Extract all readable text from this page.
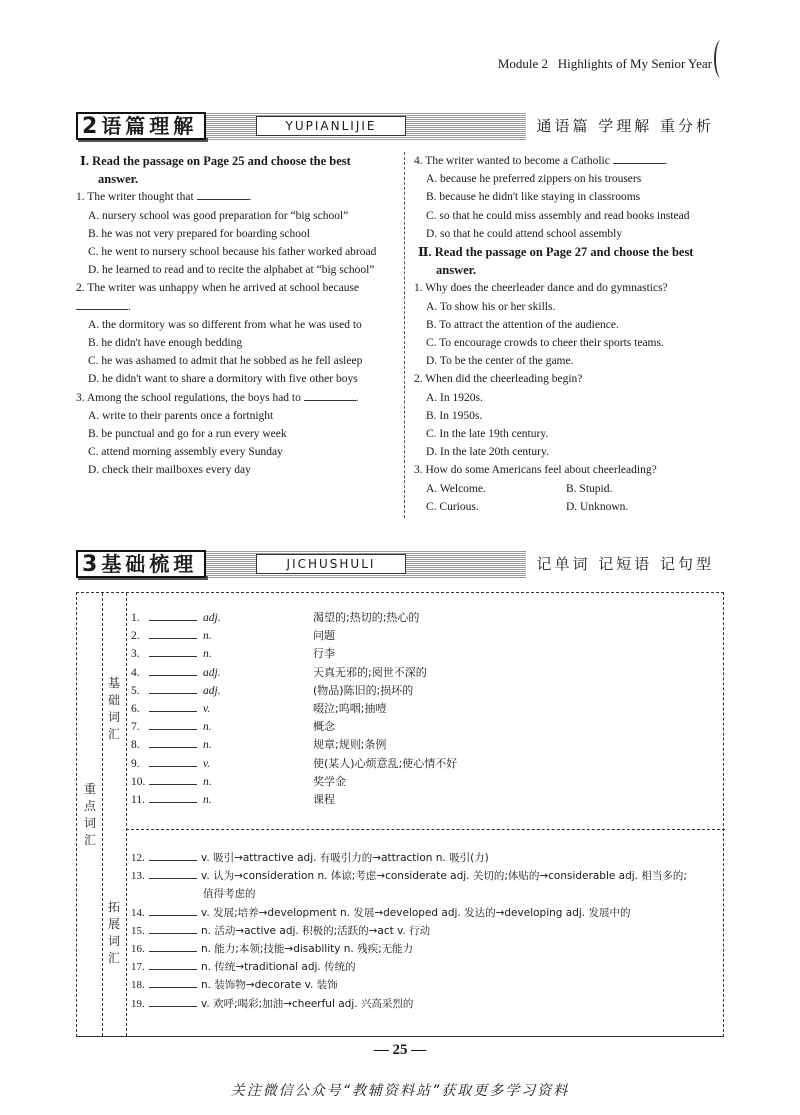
Module 2 Highlights of My Senior Year
2语篇理解	YUPIANLIJIE	通语篇 学理解 重分析
Ⅰ. Read the passage on Page 25 and choose the best
answer.
1. The writer thought that	.
A. nursery school was good preparation for “big school”
B. he was not very prepared for boarding school
C. he went to nursery school because his father worked abroad
D. he learned to read and to recite the alphabet at “big school”
2. The writer was unhappy when he arrived at school because
.
A. the dormitory was so different from what he was used to
B. he didn't have enough bedding
C. he was ashamed to admit that he sobbed as he fell asleep
D. he didn't want to share a dormitory with five other boys
3. Among the school regulations, the boys had to	.
A. write to their parents once a fortnight
B. be punctual and go for a run every week
C. attend morning assembly every Sunday
D. check their mailboxes every day
4. The writer wanted to become a Catholic	.
A. because he preferred zippers on his trousers
B. because he didn't like staying in classrooms
C. so that he could miss assembly and read books instead
D. so that he could attend school assembly
Ⅱ. Read the passage on Page 27 and choose the best
answer.
1. Why does the cheerleader dance and do gymnastics?
A. To show his or her skills.
B. To attract the attention of the audience.
C. To encourage crowds to cheer their sports teams.
D. To be the center of the game.
2. When did the cheerleading begin?
A. In 1920s.
B. In 1950s.
C. In the late 19th century.
D. In the late 20th century.
3. How do some Americans feel about cheerleading?
A. Welcome.	B. Stupid.
C. Curious.	D. Unknown.
3基础梳理	JICHUSHULI	记单词 记短语 记句型
重点词汇
基础词汇
拓展词汇
1.	adj.	渴望的;热切的;热心的
2.	n.	问题
3.	n.	行李
4.	adj.	天真无邪的;阅世不深的
5.	adj.	(物品)陈旧的;损坏的
6.	v.	啜泣;呜咽;抽噎
7.	n.	概念
8.	n.	规章;规则;条例
9.	v.	使(某人)心烦意乱;使心情不好
10.	n.	奖学金
11.	n.	课程
12.	v. 吸引→attractive adj. 有吸引力的→attraction n. 吸引(力)
13.	v. 认为→consideration n. 体谅;考虑→considerate adj. 关切的;体贴的→considerable adj. 相当多的;
值得考虑的
14.	v. 发展;培养→development n. 发展→developed adj. 发达的→developing adj. 发展中的
15.	n. 活动→active adj. 积极的;活跃的→act v. 行动
16.	n. 能力;本领;技能→disability n. 残疾;无能力
17.	n. 传统→traditional adj. 传统的
18.	n. 装饰物→decorate v. 装饰
19.	v. 欢呼;喝彩;加油→cheerful adj. 兴高采烈的
— 25 —
关注微信公众号“教辅资料站”获取更多学习资料
